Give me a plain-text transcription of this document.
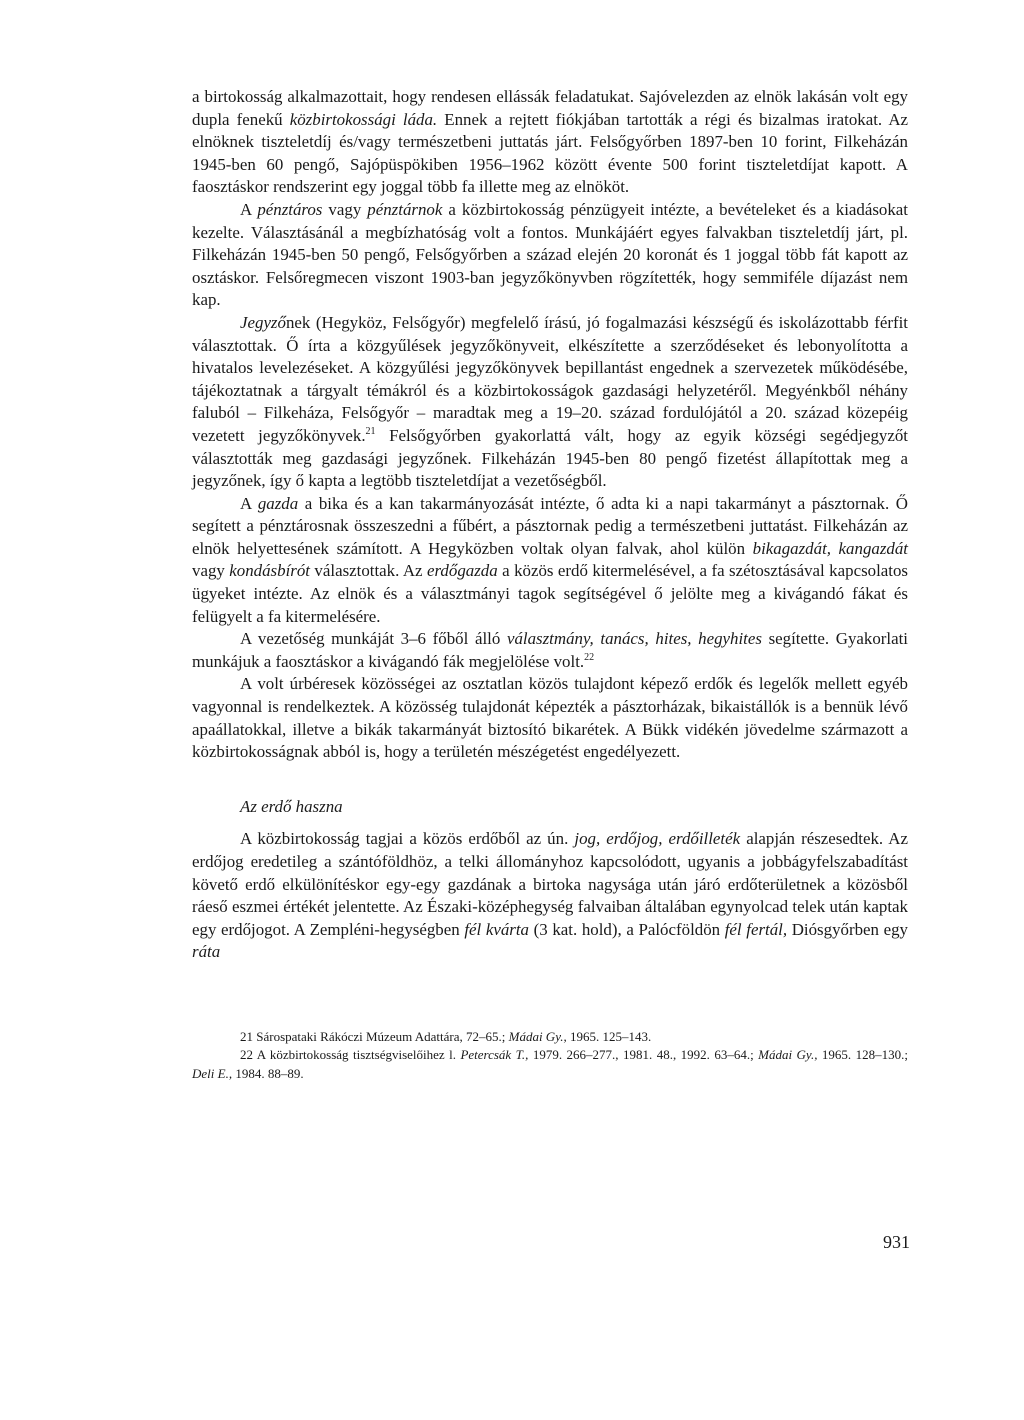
a birtokosság alkalmazottait, hogy rendesen ellássák feladatukat. Sajóvelezden az elnök lakásán volt egy dupla fenekű közbirtokossági láda. Ennek a rejtett fiókjában tartották a régi és bizalmas iratokat. Az elnöknek tiszteletdíj és/vagy természetbeni juttatás járt. Felsőgyőrben 1897-ben 10 forint, Filkeházán 1945-ben 60 pengő, Sajópüspökiben 1956–1962 között évente 500 forint tiszteletdíjat kapott. A faosztáskor rendszerint egy joggal több fa illette meg az elnököt.

A pénztáros vagy pénztárnok a közbirtokosság pénzügyeit intézte, a bevételeket és a kiadásokat kezelte. Választásánál a megbízhatóság volt a fontos. Munkájáért egyes falvakban tiszteletdíj járt, pl. Filkeházán 1945-ben 50 pengő, Felsőgyőrben a század elején 20 koronát és 1 joggal több fát kapott az osztáskor. Felsőregmecen viszont 1903-ban jegyzőkönyvben rögzítették, hogy semmiféle díjazást nem kap.

Jegyzőnek (Hegyköz, Felsőgyőr) megfelelő írású, jó fogalmazási készségű és iskolázottabb férfit választottak. Ő írta a közgyűlések jegyzőkönyveit, elkészítette a szerződéseket és lebonyolította a hivatalos levelezéseket. A közgyűlési jegyzőkönyvek bepillantást engednek a szervezetek működésébe, tájékoztatnak a tárgyalt témákról és a közbirtokosságok gazdasági helyzetéről. Megyénkből néhány faluból – Filkeháza, Felsőgyőr – maradtak meg a 19–20. század fordulójától a 20. század közepéig vezetett jegyzőkönyvek.$^{21}$ Felsőgyőrben gyakorlattá vált, hogy az egyik községi segédjegyzőt választották meg gazdasági jegyzőnek. Filkeházán 1945-ben 80 pengő fizetést állapítottak meg a jegyzőnek, így ő kapta a legtöbb tiszteletdíjat a vezetőségből.

A gazda a bika és a kan takarmányozását intézte, ő adta ki a napi takarmányt a pásztornak. Ő segített a pénztárosnak összeszedni a fűbért, a pásztornak pedig a természetbeni juttatást. Filkeházán az elnök helyettesének számított. A Hegyközben voltak olyan falvak, ahol külön bikagazdát, kangazdát vagy kondásbírót választottak. Az erdőgazda a közös erdő kitermelésével, a fa szétosztásával kapcsolatos ügyeket intézte. Az elnök és a választmányi tagok segítségével ő jelölte meg a kivágandó fákat és felügyelt a fa kitermelésére.

A vezetőség munkáját 3–6 főből álló választmány, tanács, hites, hegyhites segítette. Gyakorlati munkájuk a faosztáskor a kivágandó fák megjelölése volt.$^{22}$

A volt úrbéresek közösségei az osztatlan közös tulajdont képező erdők és legelők mellett egyéb vagyonnal is rendelkeztek. A közösség tulajdonát képezték a pásztorházak, bikaistállók is a bennük lévő apaállatokkal, illetve a bikák takarmányát biztosító bikarétek. A Bükk vidékén jövedelme származott a közbirtokosságnak abból is, hogy a területén mészégetést engedélyezett.

Az erdő haszna

A közbirtokosság tagjai a közös erdőből az ún. jog, erdőjog, erdőilleték alapján részesedtek. Az erdőjog eredetileg a szántóföldhöz, a telki állományhoz kapcsolódott, ugyanis a jobbágyfelszabadítást követő erdő elkülönítéskor egy-egy gazdának a birtoka nagysága után járó erdőterületnek a közösből ráeső eszmei értékét jelentette. Az Északi-középhegység falvaiban általában egynyolcad telek után kaptak egy erdőjogot. A Zempléni-hegységben fél kvárta (3 kat. hold), a Palócföldön fél fertál, Diósgyőrben egy ráta

21 Sárospataki Rákóczi Múzeum Adattára, 72–65.; Mádai Gy., 1965. 125–143.

22 A közbirtokosság tisztségviselőihez l. Petercsák T., 1979. 266–277., 1981. 48., 1992. 63–64.; Mádai Gy., 1965. 128–130.; Deli E., 1984. 88–89.

931
